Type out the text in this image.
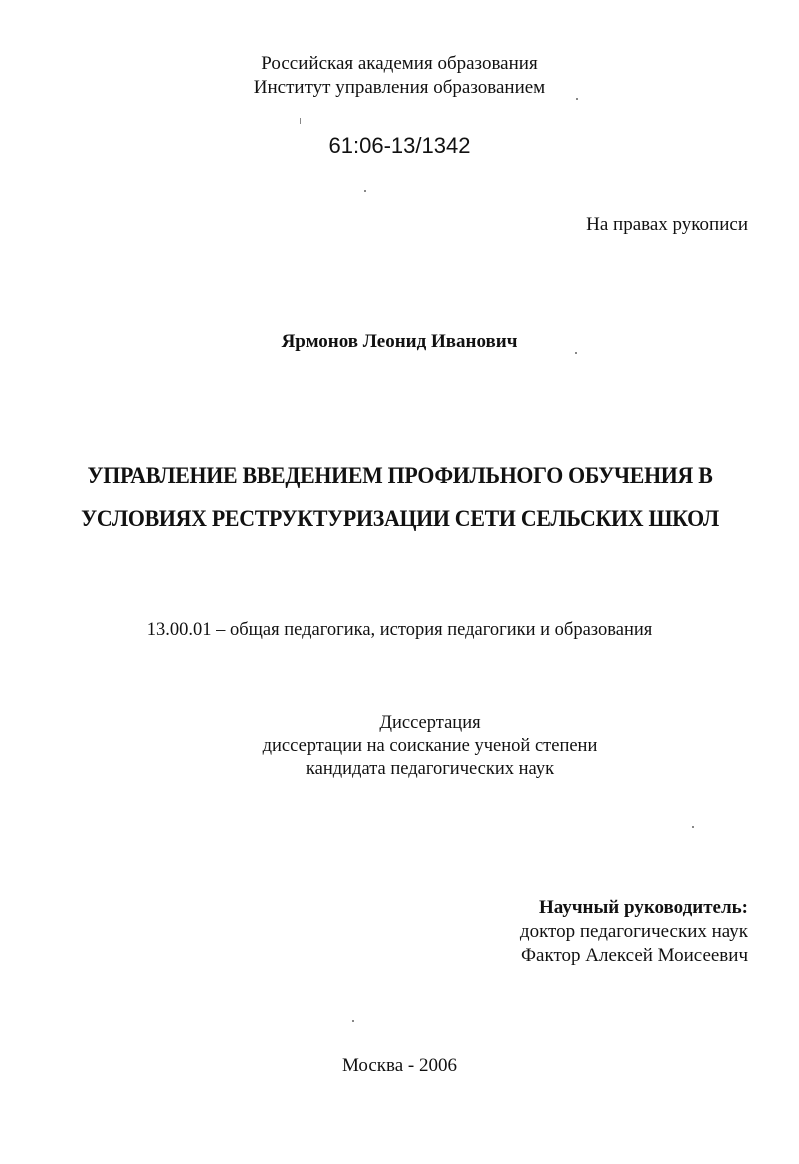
Российская академия образования
Институт управления образованием
61:06-13/1342
На правах рукописи
Ярмонов Леонид Иванович
УПРАВЛЕНИЕ ВВЕДЕНИЕМ ПРОФИЛЬНОГО ОБУЧЕНИЯ В
УСЛОВИЯХ РЕСТРУКТУРИЗАЦИИ СЕТИ СЕЛЬСКИХ ШКОЛ
13.00.01 – общая педагогика, история педагогики и образования
Диссертация
диссертации на соискание ученой степени
кандидата педагогических наук
Научный руководитель:
доктор педагогических наук
Фактор Алексей Моисеевич
Москва - 2006
